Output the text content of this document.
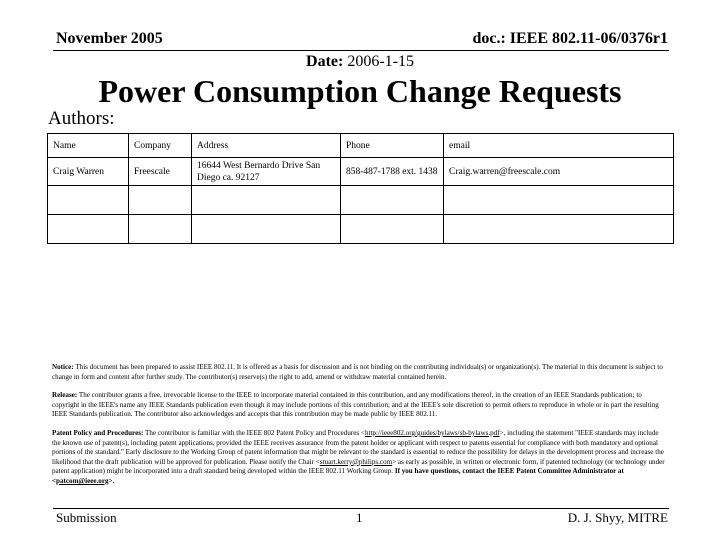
November 2005	doc.: IEEE 802.11-06/0376r1
Date: 2006-1-15
Power Consumption Change Requests
Authors:
Name	Company	Address	Phone	email
Craig Warren	Freescale	16644 West Bernardo Drive San Diego ca. 92127	858-487-1788 ext. 1438	Craig.warren@freescale.com

Notice: This document has been prepared to assist IEEE 802.11. It is offered as a basis for discussion and is not binding on the contributing individual(s) or organization(s). The material in this document is subject to change in form and content after further study. The contributor(s) reserve(s) the right to add, amend or withdraw material contained herein.

Release: The contributor grants a free, irrevocable license to the IEEE to incorporate material contained in this contribution, and any modifications thereof, in the creation of an IEEE Standards publication; to copyright in the IEEE's name any IEEE Standards publication even though it may include portions of this contribution; and at the IEEE's sole discretion to permit others to reproduce in whole or in part the resulting IEEE Standards publication. The contributor also acknowledges and accepts that this contribution may be made public by IEEE 802.11.

Patent Policy and Procedures: The contributor is familiar with the IEEE 802 Patent Policy and Procedures <http://ieee802.org/guides/bylaws/sb-bylaws.pdf>, including the statement "IEEE standards may include the known use of patent(s), including patent applications, provided the IEEE receives assurance from the patent holder or applicant with respect to patents essential for compliance with both mandatory and optional portions of the standard." Early disclosure to the Working Group of patent information that might be relevant to the standard is essential to reduce the possibility for delays in the development process and increase the likelihood that the draft publication will be approved for publication. Please notify the Chair <stuart.kerry@philips.com> as early as possible, in written or electronic form, if patented technology (or technology under patent application) might be incorporated into a draft standard being developed within the IEEE 802.11 Working Group. If you have questions, contact the IEEE Patent Committee Administrator at <patcom@ieee.org>.

Submission	1	D. J. Shyy, MITRE
